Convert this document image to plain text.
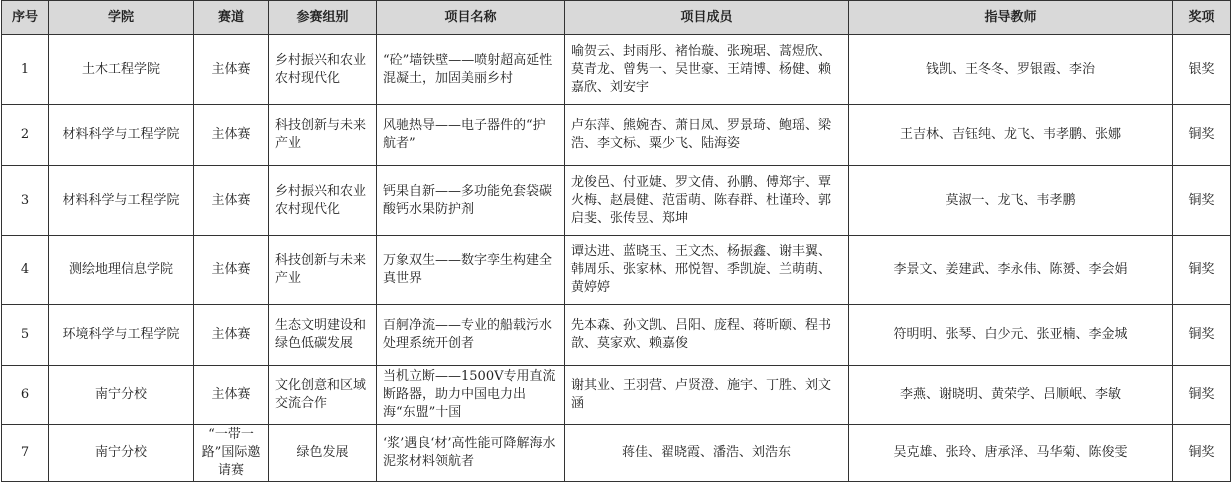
序号	学院	赛道	参赛组别	项目名称	项目成员	指导教师	奖项
1	土木工程学院	主体赛	乡村振兴和农业农村现代化	“砼”墙铁壁——喷射超高延性混凝土，加固美丽乡村	喻贺云、封雨彤、褚怡璇、张琬琚、蒿煜欣、莫青龙、曾隽一、吴世豪、王靖博、杨健、赖嘉欣、刘安宇	钱凯、王冬冬、罗银霞、李治	银奖
2	材料科学与工程学院	主体赛	科技创新与未来产业	风驰热导——电子器件的“护航者”	卢东萍、熊婉杏、萧日凤、罗景琦、鲍瑶、梁浩、李文标、粟少飞、陆海姿	王吉林、吉钰纯、龙飞、韦孝鹏、张娜	铜奖
3	材料科学与工程学院	主体赛	乡村振兴和农业农村现代化	钙果自新——多功能免套袋碳酸钙水果防护剂	龙俊邑、付亚婕、罗文倩、孙鹏、傅郑宇、覃火梅、赵晨健、范雷萌、陈春群、杜谨玲、郭启斐、张传昱、郑坤	莫淑一、龙飞、韦孝鹏	铜奖
4	测绘地理信息学院	主体赛	科技创新与未来产业	万象双生——数字孪生构建全真世界	谭达进、蓝晓玉、王文杰、杨振鑫、谢丰翼、韩周乐、张家林、邢悦智、季凯旋、兰萌萌、黄婷婷	李景文、姜建武、李永伟、陈赟、李会娟	铜奖
5	环境科学与工程学院	主体赛	生态文明建设和绿色低碳发展	百舸净流——专业的船载污水处理系统开创者	先本森、孙文凯、吕阳、庞程、蒋昕颐、程书歆、莫家欢、赖嘉俊	符明明、张琴、白少元、张亚楠、李金城	铜奖
6	南宁分校	主体赛	文化创意和区域交流合作	当机立断——1500V专用直流断路器，助力中国电力出海“东盟”十国	谢其业、王羽营、卢贤澄、施宇、丁胜、刘文涵	李燕、谢晓明、黄荣学、吕顺岷、李敏	铜奖
7	南宁分校	“一带一路”国际邀请赛	绿色发展	‘浆’遇良‘材’高性能可降解海水泥浆材料领航者	蒋佳、翟晓霞、潘浩、刘浩东	吴克雄、张玲、唐承泽、马华菊、陈俊雯	铜奖
